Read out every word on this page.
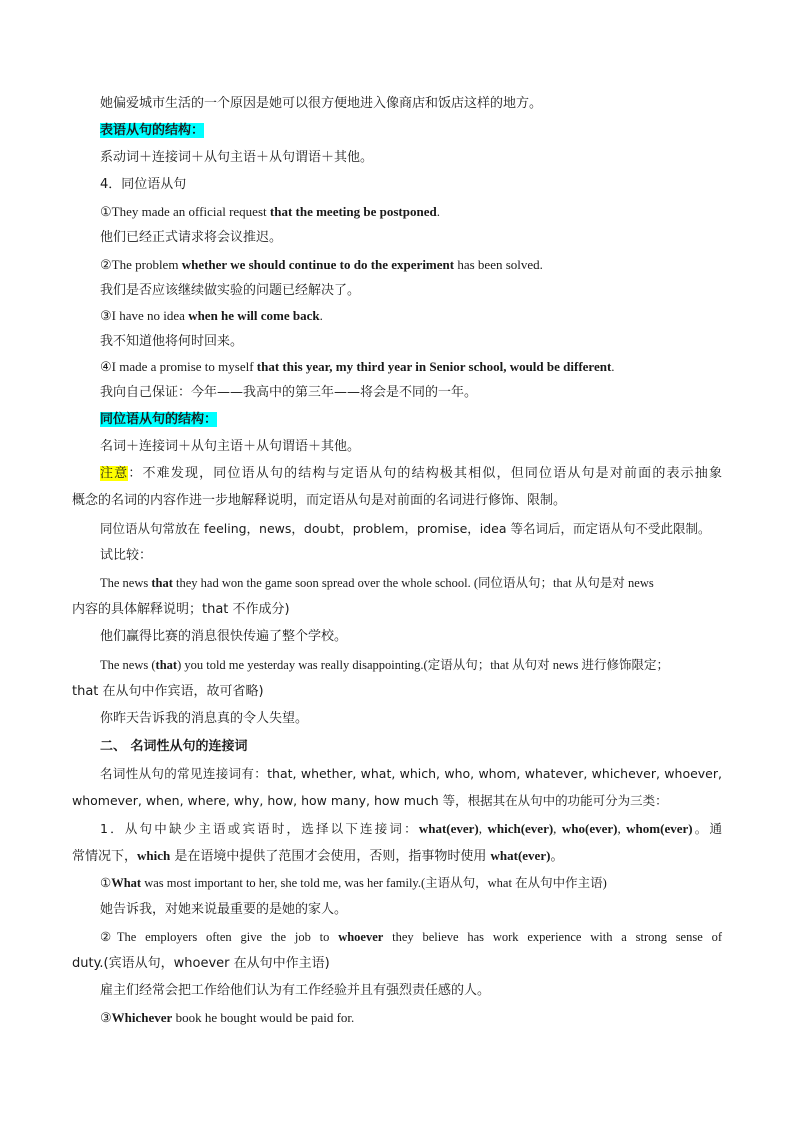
她偏爱城市生活的一个原因是她可以很方便地进入像商店和饭店这样的地方。
表语从句的结构：
系动词＋连接词＋从句主语＋从句谓语＋其他。
4．同位语从句
①They made an official request that the meeting be postponed.
他们已经正式请求将会议推迟。
②The problem whether we should continue to do the experiment has been solved.
我们是否应该继续做实验的问题已经解决了。
③I have no idea when he will come back.
我不知道他将何时回来。
④I made a promise to myself that this year, my third year in Senior school, would be different.
我向自己保证：今年——我高中的第三年——将会是不同的一年。
同位语从句的结构：
名词＋连接词＋从句主语＋从句谓语＋其他。
注意：不难发现，同位语从句的结构与定语从句的结构极其相似，但同位语从句是对前面的表示抽象
概念的名词的内容作进一步地解释说明，而定语从句是对前面的名词进行修饰、限制。
同位语从句常放在 feeling，news，doubt，problem，promise，idea 等名词后，而定语从句不受此限制。
试比较：
The news that they had won the game soon spread over the whole school. (同位语从句；that 从句是对 news
内容的具体解释说明；that 不作成分)
他们赢得比赛的消息很快传遍了整个学校。
The news (that) you told me yesterday was really disappointing.(定语从句；that 从句对 news 进行修饰限定；
that 在从句中作宾语，故可省略)
你昨天告诉我的消息真的令人失望。
二、 名词性从句的连接词
名词性从句的常见连接词有：that, whether, what, which, who, whom, whatever, whichever, whoever,
whomever, when, where, why, how, how many, how much 等，根据其在从句中的功能可分为三类：
1．从句中缺少主语或宾语时，选择以下连接词：what(ever), which(ever), who(ever), whom(ever)。通
常情况下，which 是在语境中提供了范围才会使用，否则，指事物时使用 what(ever)。
①What was most important to her, she told me, was her family.(主语从句，what 在从句中作主语)
她告诉我，对她来说最重要的是她的家人。
②The employers often give the job to whoever they believe has work experience with a strong sense of
duty.(宾语从句，whoever 在从句中作主语)
雇主们经常会把工作给他们认为有工作经验并且有强烈责任感的人。
③Whichever book he bought would be paid for.
